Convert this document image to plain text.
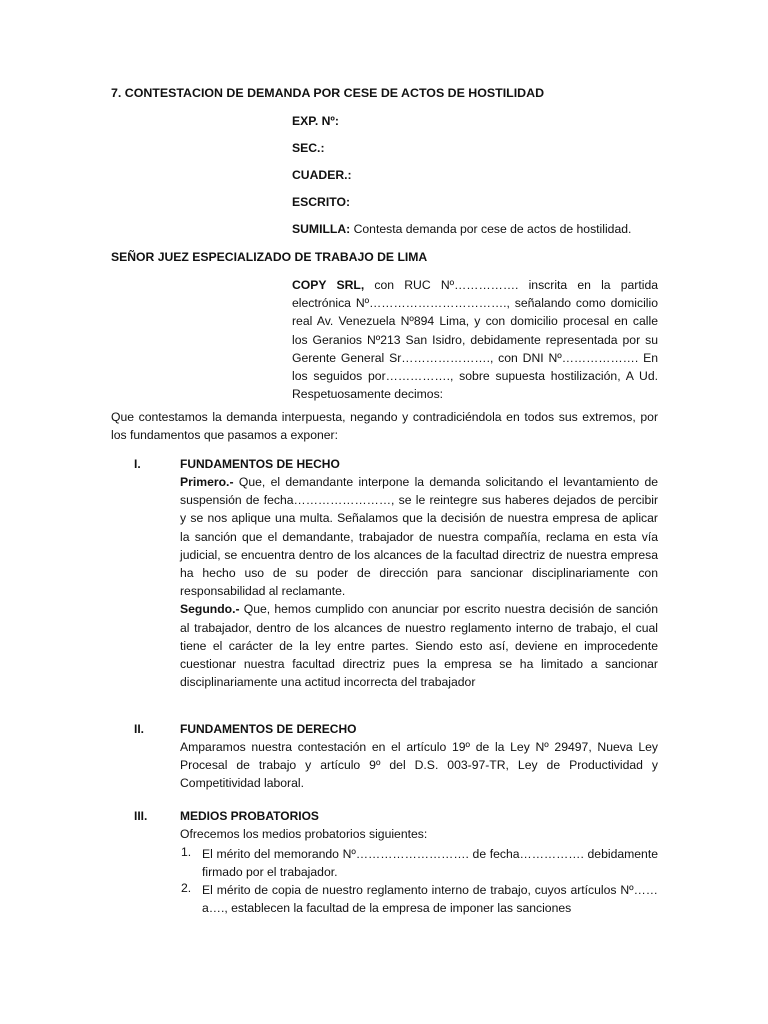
7. CONTESTACION DE DEMANDA POR CESE DE ACTOS DE HOSTILIDAD
EXP. Nº:
SEC.:
CUADER.:
ESCRITO:
SUMILLA: Contesta demanda por cese de actos de hostilidad.
SEÑOR JUEZ ESPECIALIZADO DE TRABAJO DE LIMA
COPY SRL, con RUC Nº……………. inscrita en la partida electrónica Nº……………………………., señalando como domicilio real Av. Venezuela Nº894 Lima, y con domicilio procesal en calle los Geranios Nº213 San Isidro, debidamente representada por su Gerente General Sr…………………., con DNI Nº………………. En los seguidos por……………., sobre supuesta hostilización, A Ud. Respetuosamente decimos:
Que contestamos la demanda interpuesta, negando y contradiciéndola en todos sus extremos, por los fundamentos que pasamos a exponer:
I.	FUNDAMENTOS DE HECHO
Primero.- Que, el demandante interpone la demanda solicitando el levantamiento de suspensión de fecha……………………, se le reintegre sus haberes dejados de percibir y se nos aplique una multa. Señalamos que la decisión de nuestra empresa de aplicar la sanción que el demandante, trabajador de nuestra compañía, reclama en esta vía judicial, se encuentra dentro de los alcances de la facultad directriz de nuestra empresa ha hecho uso de su poder de dirección para sancionar disciplinariamente con responsabilidad al reclamante.
Segundo.- Que, hemos cumplido con anunciar por escrito nuestra decisión de sanción al trabajador, dentro de los alcances de nuestro reglamento interno de trabajo, el cual tiene el carácter de la ley entre partes. Siendo esto así, deviene en improcedente cuestionar nuestra facultad directriz pues la empresa se ha limitado a sancionar disciplinariamente una actitud incorrecta del trabajador
II.	FUNDAMENTOS DE DERECHO
Amparamos nuestra contestación en el artículo 19º de la Ley Nº 29497, Nueva Ley Procesal de trabajo y artículo 9º del D.S. 003-97-TR, Ley de Productividad y Competitividad laboral.
III.	MEDIOS PROBATORIOS
Ofrecemos los medios probatorios siguientes:
1. El mérito del memorando Nº………………………. de fecha……………. debidamente firmado por el trabajador.
2. El mérito de copia de nuestro reglamento interno de trabajo, cuyos artículos Nº……a…., establecen la facultad de la empresa de imponer las sanciones
